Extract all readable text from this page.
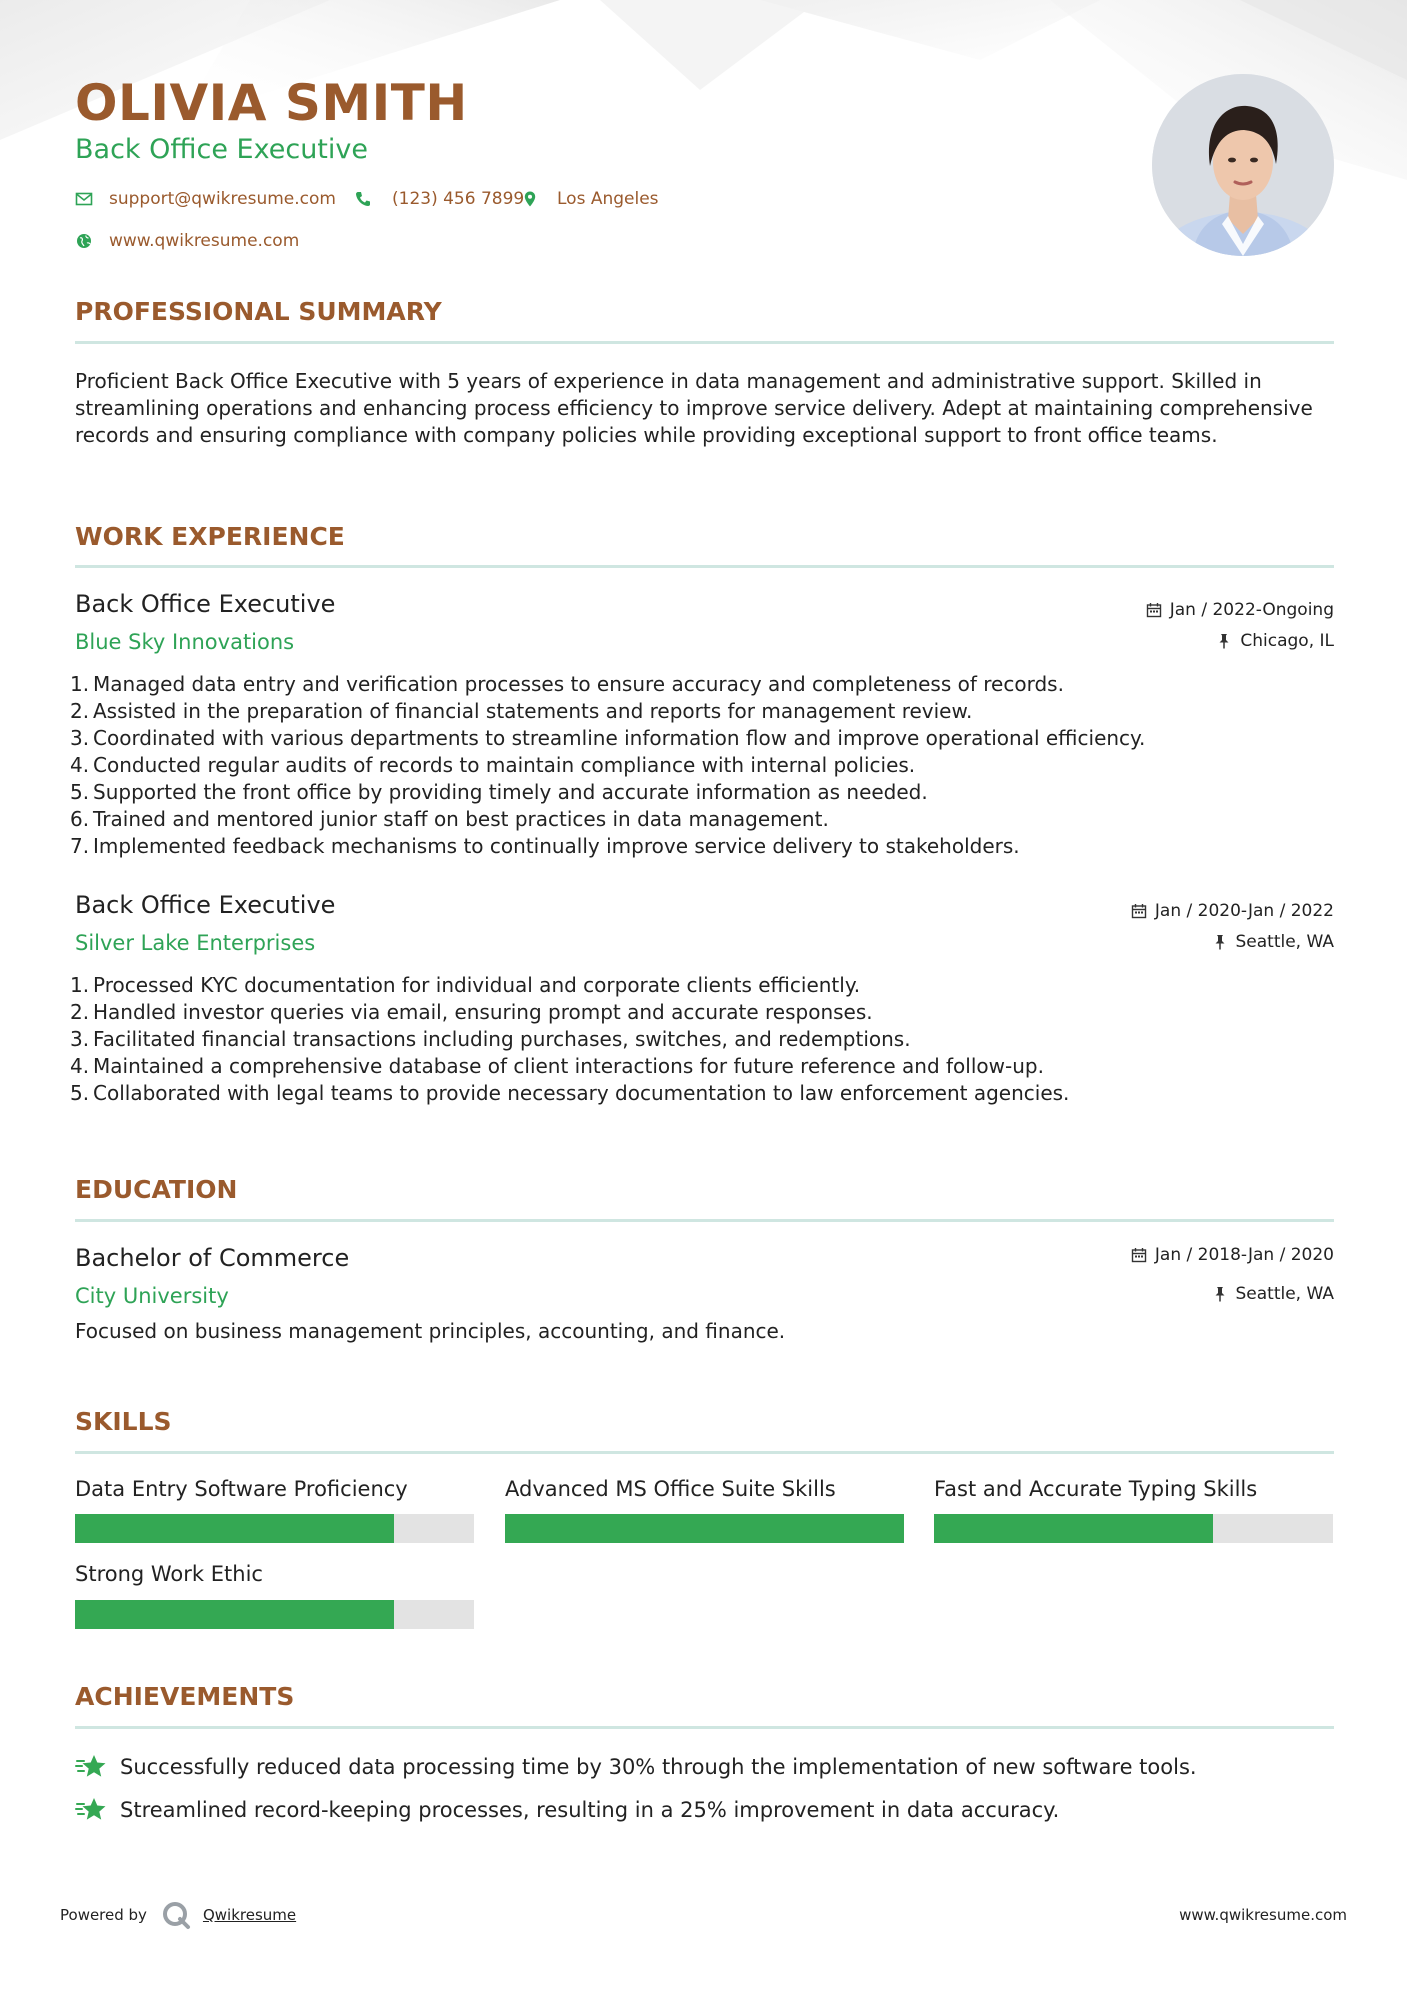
OLIVIA SMITH
Back Office Executive
support@qwikresume.com	(123) 456 7899 Los Angeles
www.qwikresume.com
PROFESSIONAL SUMMARY
Proficient Back Office Executive with 5 years of experience in data management and administrative support. Skilled in streamlining operations and enhancing process efficiency to improve service delivery. Adept at maintaining comprehensive records and ensuring compliance with company policies while providing exceptional support to front office teams.
WORK EXPERIENCE
Back Office Executive
Blue Sky Innovations
Jan / 2022-Ongoing
Chicago, IL
1. Managed data entry and verification processes to ensure accuracy and completeness of records.
2. Assisted in the preparation of financial statements and reports for management review.
3. Coordinated with various departments to streamline information flow and improve operational efficiency.
4. Conducted regular audits of records to maintain compliance with internal policies.
5. Supported the front office by providing timely and accurate information as needed.
6. Trained and mentored junior staff on best practices in data management.
7. Implemented feedback mechanisms to continually improve service delivery to stakeholders.
Back Office Executive
Silver Lake Enterprises
Jan / 2020-Jan / 2022
Seattle, WA
1. Processed KYC documentation for individual and corporate clients efficiently.
2. Handled investor queries via email, ensuring prompt and accurate responses.
3. Facilitated financial transactions including purchases, switches, and redemptions.
4. Maintained a comprehensive database of client interactions for future reference and follow-up.
5. Collaborated with legal teams to provide necessary documentation to law enforcement agencies.
EDUCATION
Bachelor of Commerce
City University
Jan / 2018-Jan / 2020
Seattle, WA
Focused on business management principles, accounting, and finance.
SKILLS
Data Entry Software Proficiency	Advanced MS Office Suite Skills	Fast and Accurate Typing Skills
Strong Work Ethic
ACHIEVEMENTS
Successfully reduced data processing time by 30% through the implementation of new software tools.
Streamlined record-keeping processes, resulting in a 25% improvement in data accuracy.
Powered by	Qwikresume	www.qwikresume.com
